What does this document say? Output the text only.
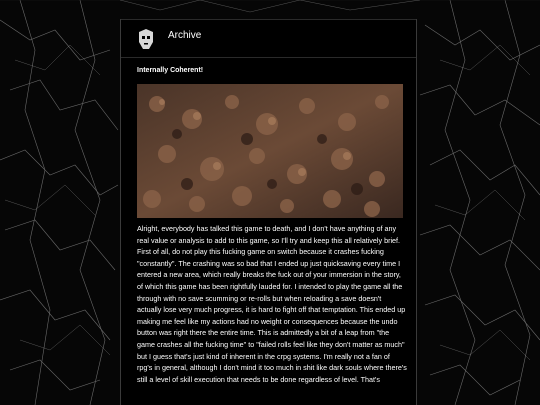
Archive
Internally Coherent!

Alright, everybody has talked this game to death, and I don't have anything of any real value or analysis to add to this game, so I'll try and keep this all relatively brief. First of all, do not play this fucking game on switch because it crashes fucking "constantly". The crashing was so bad that I ended up just quicksaving every time I entered a new area, which really breaks the fuck out of your immersion in the story, of which this game has been rightfully lauded for. I intended to play the game all the through with no save scumming or re-rolls but when reloading a save doesn't actually lose very much progress, it is hard to fight off that temptation. This ended up making me feel like my actions had no weight or consequences because the undo button was right there the entire time. This is admittedly a bit of a leap from "the game crashes all the fucking time" to "failed rolls feel like they don't matter as much" but I guess that's just kind of inherent in the crpg systems. I'm really not a fan of rpg's in general, although I don't mind it too much in shit like dark souls where there's still a level of skill execution that needs to be done regardless of level. That's
